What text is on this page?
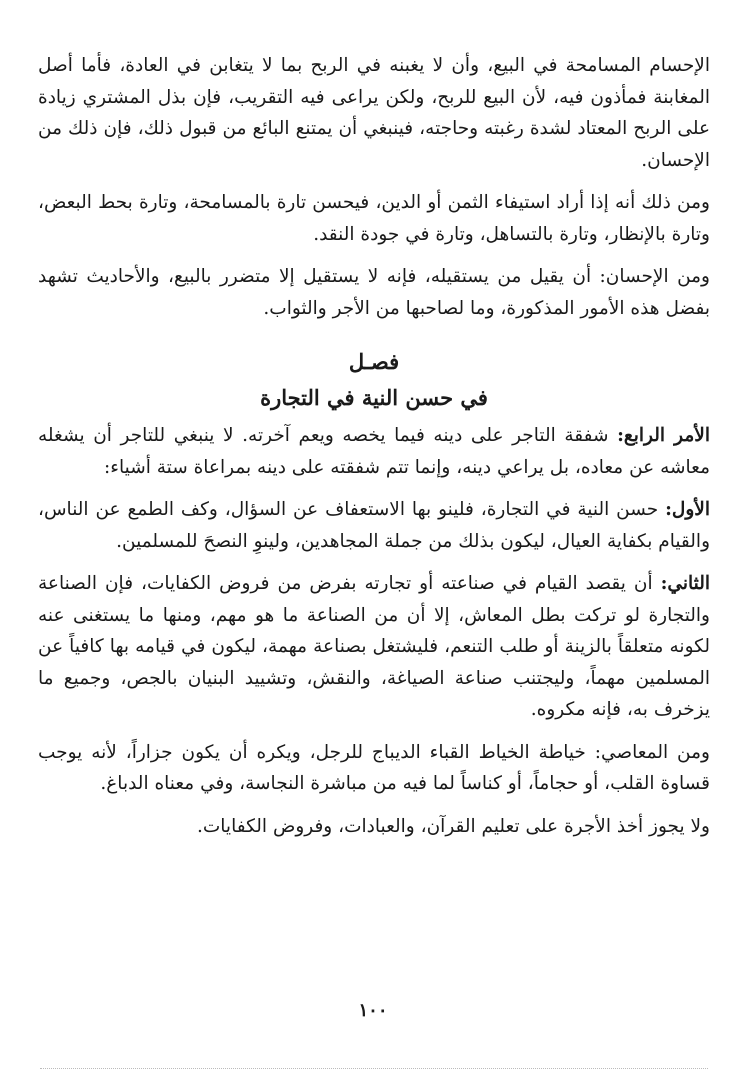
الإحسام المسامحة في البيع، وأن لا يغبنه في الربح بما لا يتغابن في العادة، فأما أصل المغابنة فمأذون فيه، لأن البيع للربح، ولكن يراعى فيه التقريب، فإن بذل المشتري زيادة على الربح المعتاد لشدة رغبته وحاجته، فينبغي أن يمتنع البائع من قبول ذلك، فإن ذلك من الإحسان.

ومن ذلك أنه إذا أراد استيفاء الثمن أو الدين، فيحسن تارة بالمسامحة، وتارة بحط البعض، وتارة بالإنظار، وتارة بالتساهل، وتارة في جودة النقد.

ومن الإحسان: أن يقيل من يستقيله، فإنه لا يستقيل إلا متضرر بالبيع، والأحاديث تشهد بفضل هذه الأمور المذكورة، وما لصاحبها من الأجر والثواب.

فصـل
في حسن النية في التجارة

الأمر الرابع: شفقة التاجر على دينه فيما يخصه ويعم آخرته. لا ينبغي للتاجر أن يشغله معاشه عن معاده، بل يراعي دينه، وإنما تتم شفقته على دينه بمراعاة ستة أشياء:

الأول: حسن النية في التجارة، فلينو بها الاستعفاف عن السؤال، وكف الطمع عن الناس، والقيام بكفاية العيال، ليكون بذلك من جملة المجاهدين، ولينوِ النصحَ للمسلمين.

الثاني: أن يقصد القيام في صناعته أو تجارته بفرض من فروض الكفايات، فإن الصناعة والتجارة لو تركت بطل المعاش، إلا أن من الصناعة ما هو مهم، ومنها ما يستغنى عنه لكونه متعلقاً بالزينة أو طلب التنعم، فليشتغل بصناعة مهمة، ليكون في قيامه بها كافياً عن المسلمين مهماً، وليجتنب صناعة الصياغة، والنقش، وتشييد البنيان بالجص، وجميع ما يزخرف به، فإنه مكروه.

ومن المعاصي: خياطة الخياط القباء الديباج للرجل، ويكره أن يكون جزاراً، لأنه يوجب قساوة القلب، أو حجاماً، أو كناساً لما فيه من مباشرة النجاسة، وفي معناه الدباغ.

ولا يجوز أخذ الأجرة على تعليم القرآن، والعبادات، وفروض الكفايات.

١٠٠
